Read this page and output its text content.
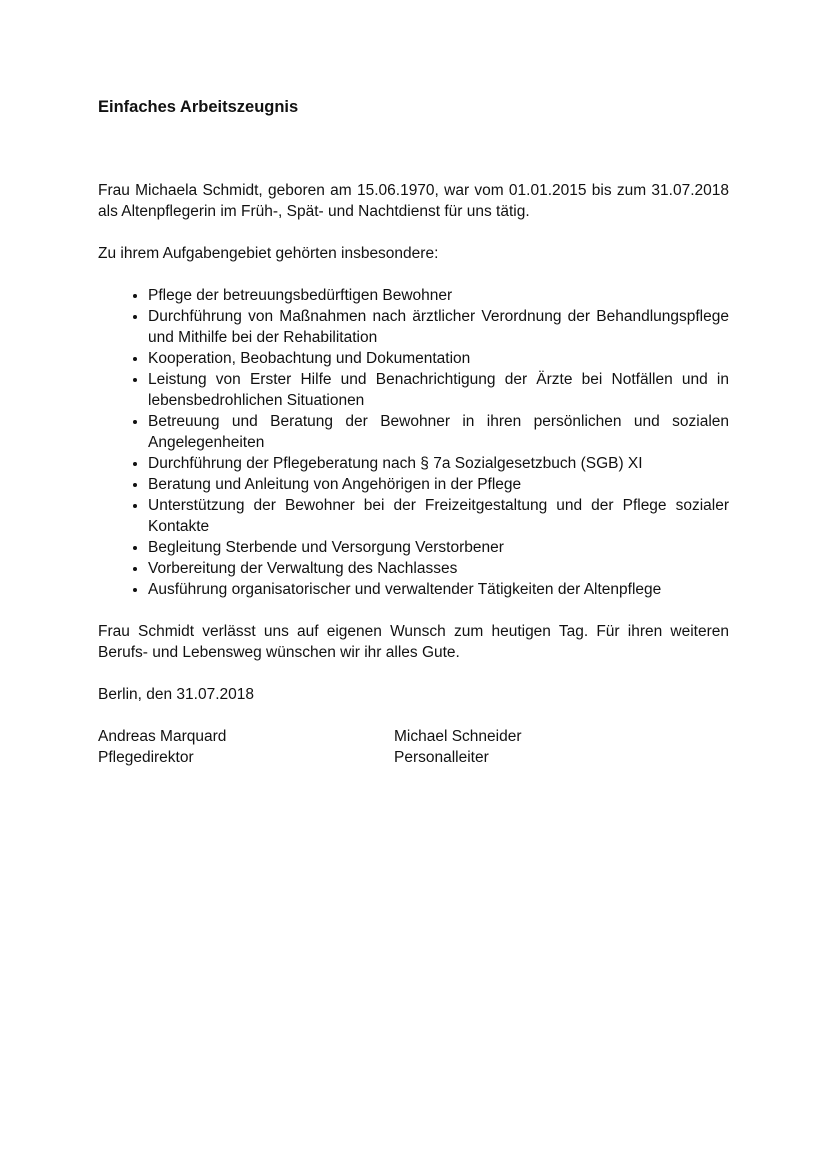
Einfaches Arbeitszeugnis

Frau Michaela Schmidt, geboren am 15.06.1970, war vom 01.01.2015 bis zum 31.07.2018 als Altenpflegerin im Früh-, Spät- und Nachtdienst für uns tätig.

Zu ihrem Aufgabengebiet gehörten insbesondere:

• Pflege der betreuungsbedürftigen Bewohner
• Durchführung von Maßnahmen nach ärztlicher Verordnung der Behandlungspflege und Mithilfe bei der Rehabilitation
• Kooperation, Beobachtung und Dokumentation
• Leistung von Erster Hilfe und Benachrichtigung der Ärzte bei Notfällen und in lebensbedrohlichen Situationen
• Betreuung und Beratung der Bewohner in ihren persönlichen und sozialen Angelegenheiten
• Durchführung der Pflegeberatung nach § 7a Sozialgesetzbuch (SGB) XI
• Beratung und Anleitung von Angehörigen in der Pflege
• Unterstützung der Bewohner bei der Freizeitgestaltung und der Pflege sozialer Kontakte
• Begleitung Sterbende und Versorgung Verstorbener
• Vorbereitung der Verwaltung des Nachlasses
• Ausführung organisatorischer und verwaltender Tätigkeiten der Altenpflege

Frau Schmidt verlässt uns auf eigenen Wunsch zum heutigen Tag. Für ihren weiteren Berufs- und Lebensweg wünschen wir ihr alles Gute.

Berlin, den 31.07.2018

Andreas Marquard
Pflegedirektor
Michael Schneider
Personalleiter
